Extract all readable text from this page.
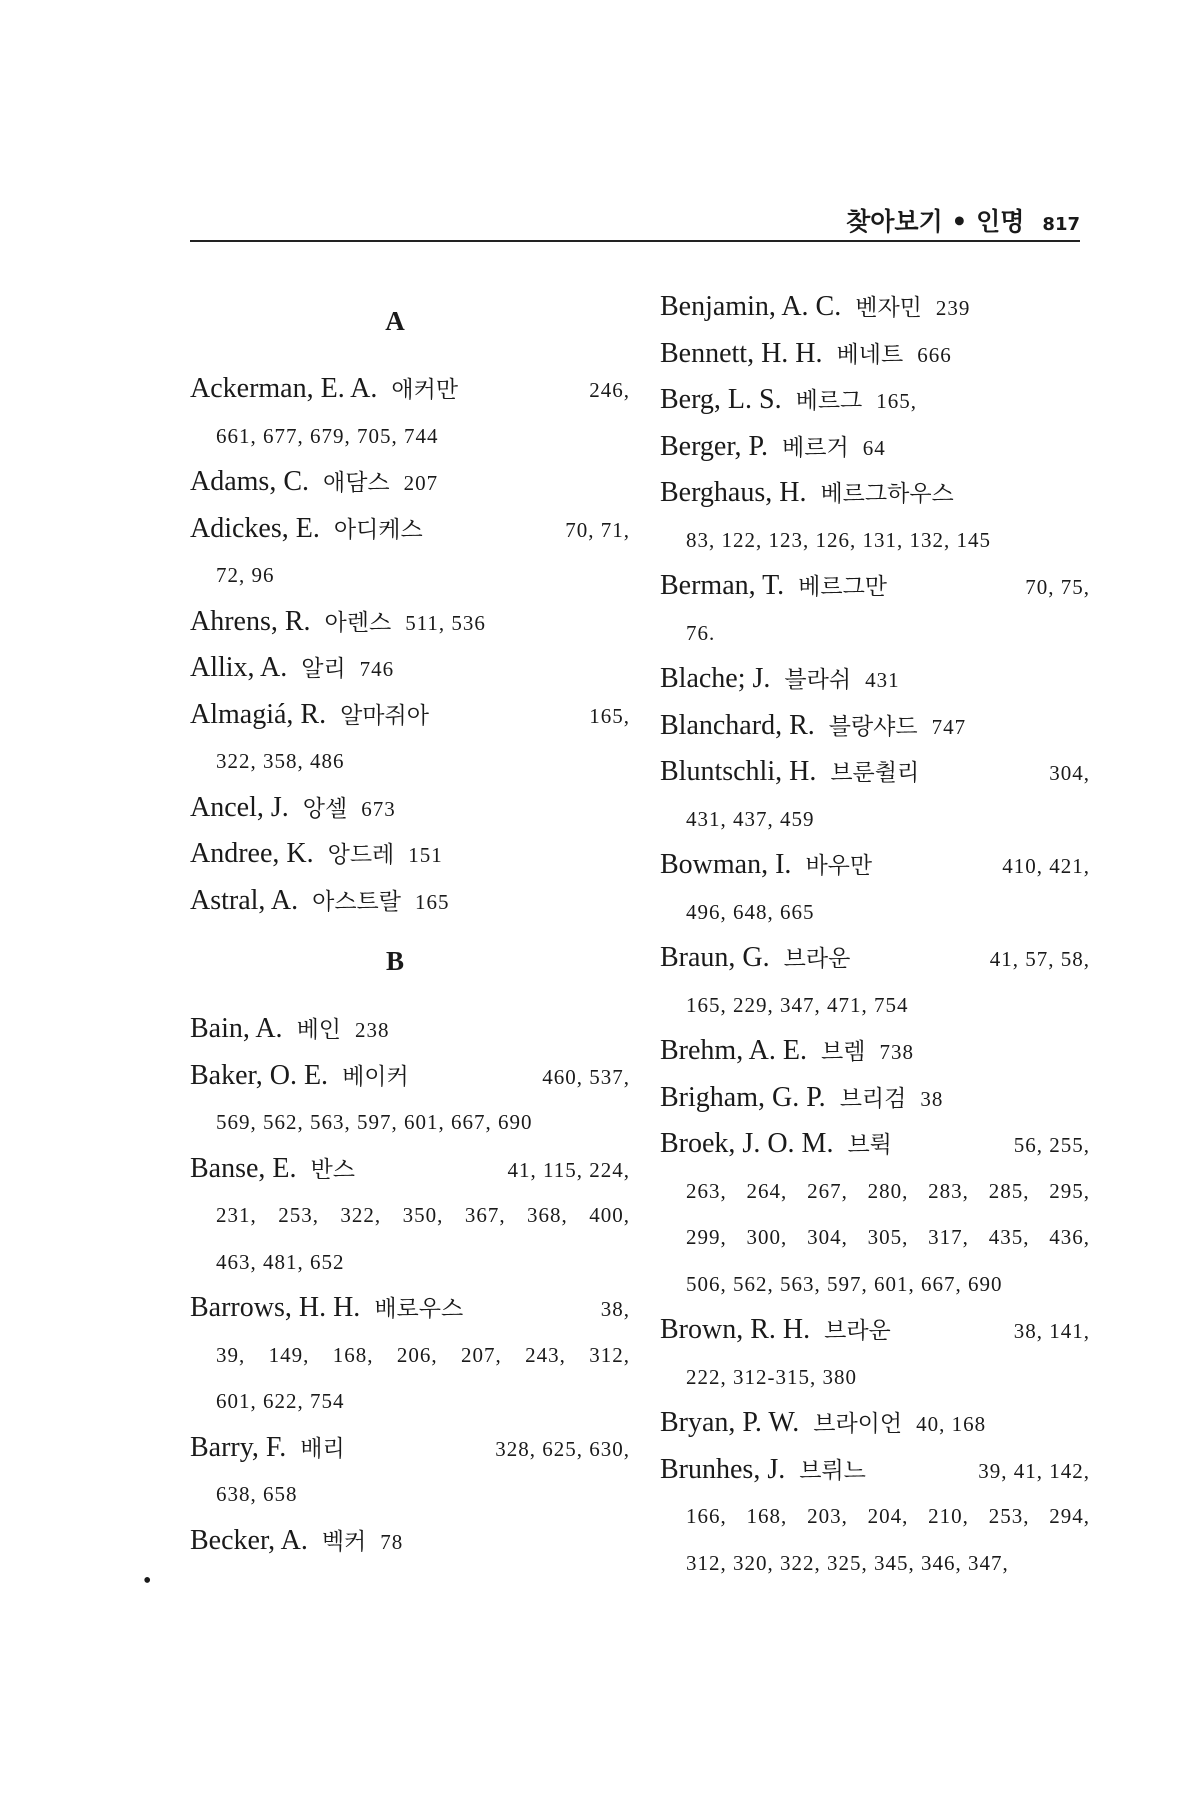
찾아보기 • 인명 817
A
Ackerman, E. A. 애커만	246,
661, 677, 679, 705, 744
Adams, C. 애담스 207
Adickes, E. 아디케스	70, 71,
72, 96
Ahrens, R. 아렌스 511, 536
Allix, A. 알리 746
Almagiá, R. 알마쥐아	165,
322, 358, 486
Ancel, J. 앙셀 673
Andree, K. 앙드레 151
Astral, A. 아스트랄 165
B
Bain, A. 베인 238
Baker, O. E. 베이커	460, 537,
569, 562, 563, 597, 601, 667, 690
Banse, E. 반스	41, 115, 224,
231, 253, 322, 350, 367, 368, 400,
463, 481, 652
Barrows, H. H. 배로우스	38,
39, 149, 168, 206, 207, 243, 312,
601, 622, 754
Barry, F. 배리	328, 625, 630,
638, 658
Becker, A. 벡커 78
Benjamin, A. C. 벤자민 239
Bennett, H. H. 베네트 666
Berg, L. S. 베르그 165,
Berger, P. 베르거 64
Berghaus, H. 베르그하우스
83, 122, 123, 126, 131, 132, 145
Berman, T. 베르그만	70, 75,
76.
Blache; J. 블라쉬 431
Blanchard, R. 블랑샤드 747
Bluntschli, H. 브룬췰리	304,
431, 437, 459
Bowman, I. 바우만	410, 421,
496, 648, 665
Braun, G. 브라운	41, 57, 58,
165, 229, 347, 471, 754
Brehm, A. E. 브렘 738
Brigham, G. P. 브리검 38
Broek, J. O. M. 브뤽	56, 255,
263, 264, 267, 280, 283, 285, 295,
299, 300, 304, 305, 317, 435, 436,
506, 562, 563, 597, 601, 667, 690
Brown, R. H. 브라운	38, 141,
222, 312-315, 380
Bryan, P. W. 브라이언 40, 168
Brunhes, J. 브뤼느	39, 41, 142,
166, 168, 203, 204, 210, 253, 294,
312, 320, 322, 325, 345, 346, 347,
•
